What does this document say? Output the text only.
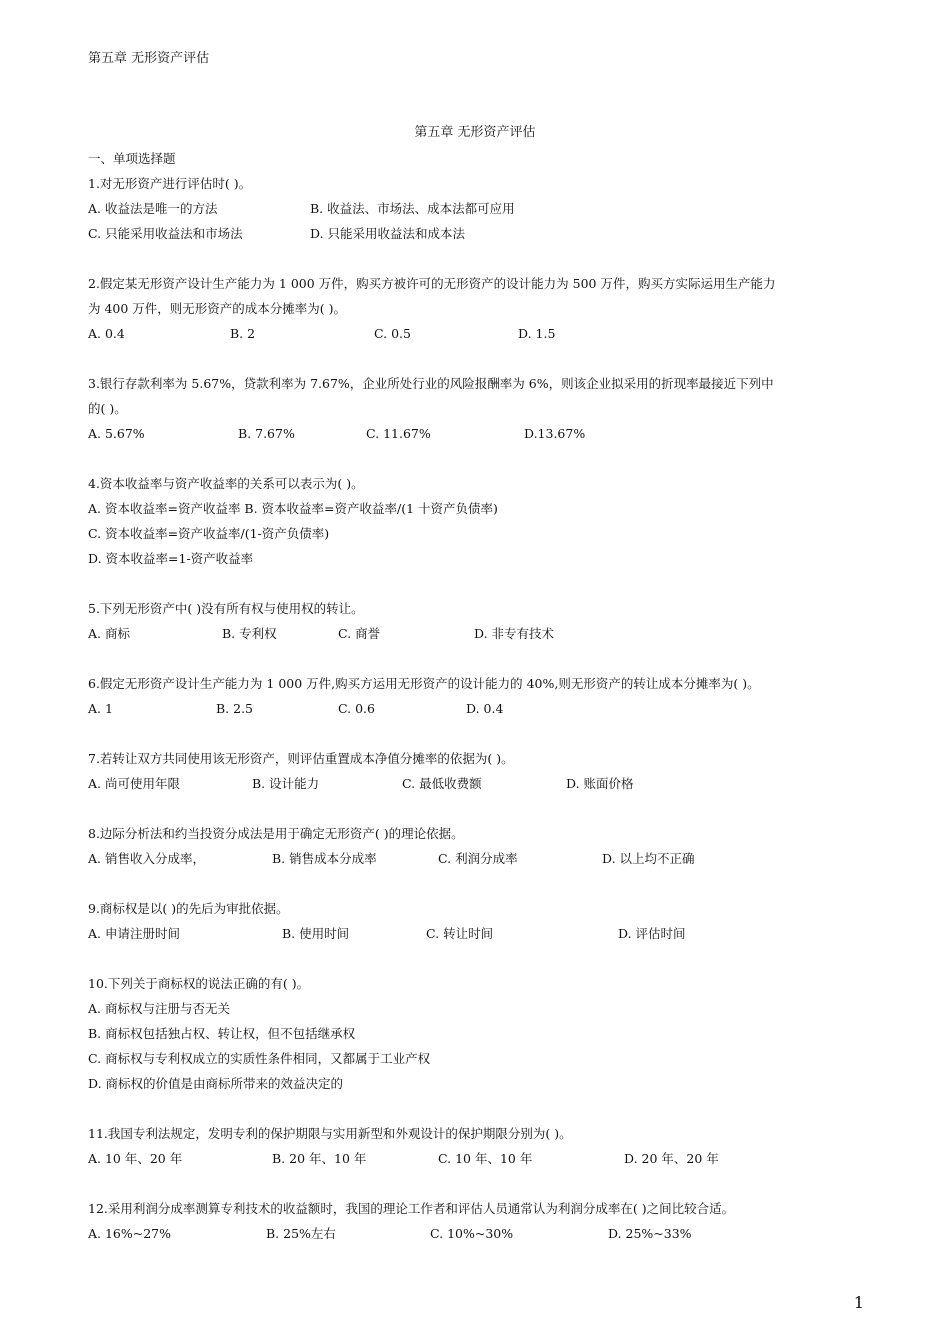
第五章 无形资产评估
第五章 无形资产评估
一、单项选择题
1.对无形资产进行评估时( )。
A. 收益法是唯一的方法	B. 收益法、市场法、成本法都可应用
C. 只能采用收益法和市场法	D. 只能采用收益法和成本法
2.假定某无形资产设计生产能力为 1 000 万件，购买方被许可的无形资产的设计能力为 500 万件，购买方实际运用生产能力
为 400 万件，则无形资产的成本分摊率为( )。
A. 0.4	B. 2	C. 0.5	D. 1.5
3.银行存款利率为 5.67%，贷款利率为 7.67%，企业所处行业的风险报酬率为 6%，则该企业拟采用的折现率最接近下列中
的( )。
A. 5.67%	B. 7.67%	C. 11.67%	D.13.67%
4.资本收益率与资产收益率的关系可以表示为( )。
A. 资本收益率=资产收益率 B. 资本收益率=资产收益率/(1 十资产负债率)
C. 资本收益率=资产收益率/(1-资产负债率)
D. 资本收益率=1-资产收益率
5.下列无形资产中( )没有所有权与使用权的转让。
A. 商标	B. 专利权	C. 商誉	D. 非专有技术
6.假定无形资产设计生产能力为 1 000 万件,购买方运用无形资产的设计能力的 40%,则无形资产的转让成本分摊率为( )。
A. 1	B. 2.5	C. 0.6	D. 0.4
7.若转让双方共同使用该无形资产，则评估重置成本净值分摊率的依据为( )。
A. 尚可使用年限	B. 设计能力	C. 最低收费额	D. 账面价格
8.边际分析法和约当投资分成法是用于确定无形资产( )的理论依据。
A. 销售收入分成率，	B. 销售成本分成率	C. 利润分成率	D. 以上均不正确
9.商标权是以( )的先后为审批依据。
A. 申请注册时间	B. 使用时间	C. 转让时间	D. 评估时间
10.下列关于商标权的说法正确的有( )。
A. 商标权与注册与否无关
B. 商标权包括独占权、转让权，但不包括继承权
C. 商标权与专利权成立的实质性条件相同，又都属于工业产权
D. 商标权的价值是由商标所带来的效益决定的
11.我国专利法规定，发明专利的保护期限与实用新型和外观设计的保护期限分别为( )。
A. 10 年、20 年	B. 20 年、10 年	C. 10 年、10 年	D. 20 年、20 年
12.采用利润分成率测算专利技术的收益额时，我国的理论工作者和评估人员通常认为利润分成率在( )之间比较合适。
A. 16%~27%	B. 25%左右	C. 10%~30%	D. 25%~33%
1
